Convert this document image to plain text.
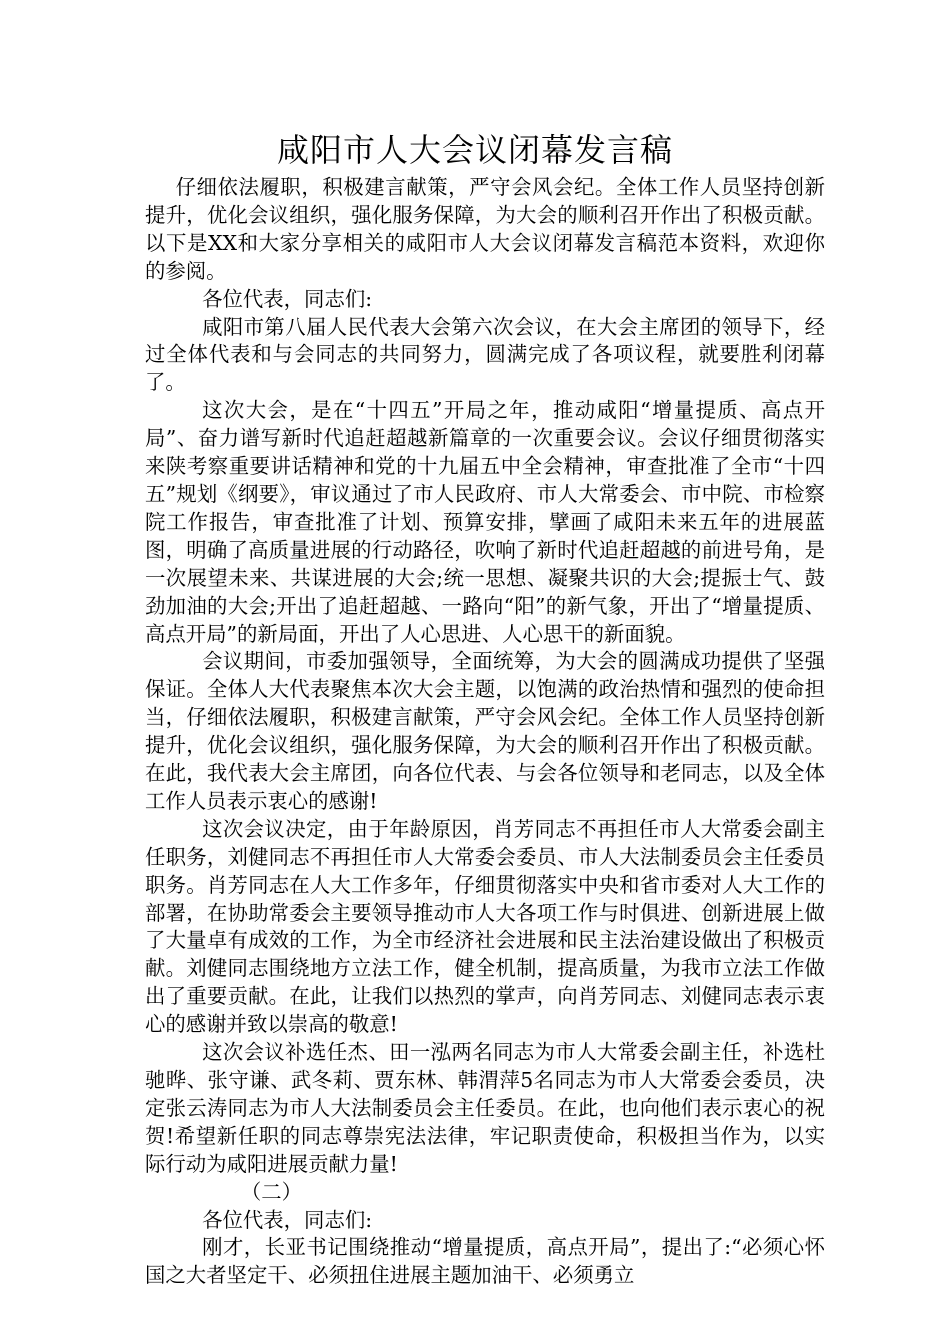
咸阳市人大会议闭幕发言稿

仔细依法履职，积极建言献策，严守会风会纪。全体工作人员坚持创新提升，优化会议组织，强化服务保障，为大会的顺利召开作出了积极贡献。以下是XX和大家分享相关的咸阳市人大会议闭幕发言稿范本资料，欢迎你的参阅。

各位代表，同志们:

咸阳市第八届人民代表大会第六次会议，在大会主席团的领导下，经过全体代表和与会同志的共同努力，圆满完成了各项议程，就要胜利闭幕了。

这次大会，是在“十四五”开局之年，推动咸阳“增量提质、高点开局”、奋力谱写新时代追赶超越新篇章的一次重要会议。会议仔细贯彻落实来陕考察重要讲话精神和党的十九届五中全会精神，审查批准了全市“十四五”规划《纲要》，审议通过了市人民政府、市人大常委会、市中院、市检察院工作报告，审查批准了计划、预算安排，擘画了咸阳未来五年的进展蓝图，明确了高质量进展的行动路径，吹响了新时代追赶超越的前进号角，是一次展望未来、共谋进展的大会;统一思想、凝聚共识的大会;提振士气、鼓劲加油的大会;开出了追赶超越、一路向“阳”的新气象，开出了“增量提质、高点开局”的新局面，开出了人心思进、人心思干的新面貌。

会议期间，市委加强领导，全面统筹，为大会的圆满成功提供了坚强保证。全体人大代表聚焦本次大会主题，以饱满的政治热情和强烈的使命担当，仔细依法履职，积极建言献策，严守会风会纪。全体工作人员坚持创新提升，优化会议组织，强化服务保障，为大会的顺利召开作出了积极贡献。在此，我代表大会主席团，向各位代表、与会各位领导和老同志，以及全体工作人员表示衷心的感谢!

这次会议决定，由于年龄原因，肖芳同志不再担任市人大常委会副主任职务，刘健同志不再担任市人大常委会委员、市人大法制委员会主任委员职务。肖芳同志在人大工作多年，仔细贯彻落实中央和省市委对人大工作的部署，在协助常委会主要领导推动市人大各项工作与时俱进、创新进展上做了大量卓有成效的工作，为全市经济社会进展和民主法治建设做出了积极贡献。刘健同志围绕地方立法工作，健全机制，提高质量，为我市立法工作做出了重要贡献。在此，让我们以热烈的掌声，向肖芳同志、刘健同志表示衷心的感谢并致以崇高的敬意!

这次会议补选任杰、田一泓两名同志为市人大常委会副主任，补选杜驰晔、张守谦、武冬莉、贾东林、韩渭萍5名同志为市人大常委会委员，决定张云涛同志为市人大法制委员会主任委员。在此，也向他们表示衷心的祝贺!希望新任职的同志尊崇宪法法律，牢记职责使命，积极担当作为，以实际行动为咸阳进展贡献力量!

（二）

各位代表，同志们:

刚才，长亚书记围绕推动“增量提质，高点开局”，提出了:“必须心怀国之大者坚定干、必须扭住进展主题加油干、必须勇立
